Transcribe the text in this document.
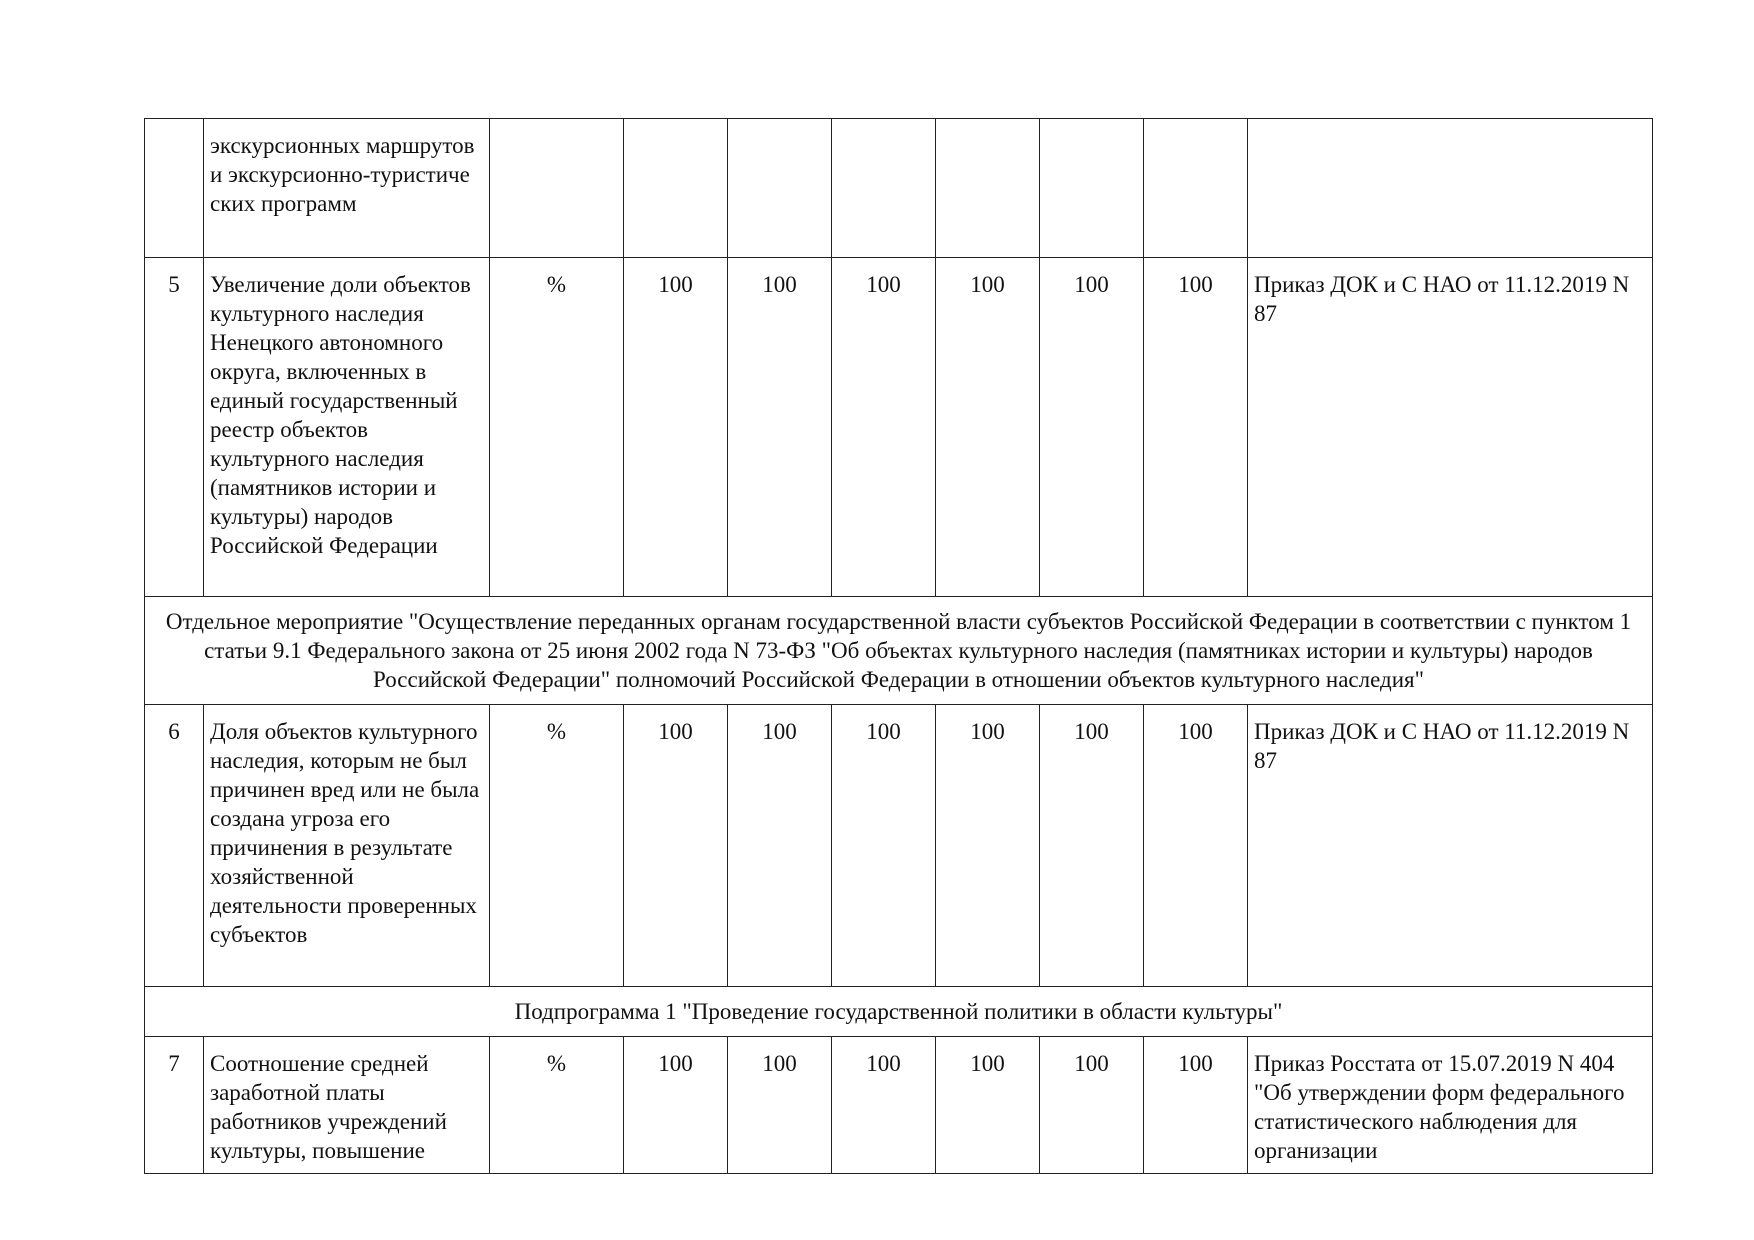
	экскурсионных маршрутов и экскурсионно-туристиче ских программ								
5	Увеличение доли объектов культурного наследия Ненецкого автономного округа, включенных в единый государственный реестр объектов культурного наследия (памятников истории и культуры) народов Российской Федерации	%	100	100	100	100	100	100	Приказ ДОК и С НАО от 11.12.2019 N 87
Отдельное мероприятие "Осуществление переданных органам государственной власти субъектов Российской Федерации в соответствии с пунктом 1 статьи 9.1 Федерального закона от 25 июня 2002 года N 73-ФЗ "Об объектах культурного наследия (памятниках истории и культуры) народов Российской Федерации" полномочий Российской Федерации в отношении объектов культурного наследия"									
6	Доля объектов культурного наследия, которым не был причинен вред или не была создана угроза его причинения в результате хозяйственной деятельности проверенных субъектов	%	100	100	100	100	100	100	Приказ ДОК и С НАО от 11.12.2019 N 87
Подпрограмма 1 "Проведение государственной политики в области культуры"									
7	Соотношение средней заработной платы работников учреждений культуры, повышение	%	100	100	100	100	100	100	Приказ Росстата от 15.07.2019 N 404 "Об утверждении форм федерального статистического наблюдения для организации
